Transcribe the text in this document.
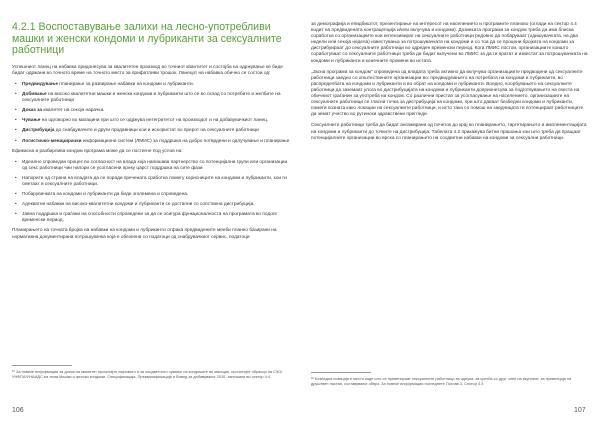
4.2.1 Воспоставување залихи на лесно-употребливи машки и женски кондоми и лубриканти за сексуалните работници

Успешниот ланец на набавка придонесува за квалитетен производ во точниот квантитет и состојба на одржување ке биде бидат одржани во точното време на точното место за прифатливи трошок. Ланецот на набавка обично се состои од:

• Предвидување планирање за развирање набавки на кондоми и лубриканти.
• Добивање на високо квалитетни машки и женски кондоми и лубриканти што се во склад со потребите и желбите на сексуалните работници
• Доказ за квалитет на секоја нарачка.
• Чување на одговорно во магацини при што се одржува интегритетот на производот и на добавувачкиот ланец.
• Дистрибуција до снабдувачите и други продавници кои и искористат во прерот на сексуалните работници
• Логистичко-менаџирачки информациони систем (ЛМИС) за поддршка на добро потврдени и одлучувањe и планирање

Ефикасна и разбирлива кондом програма може да се постигне под услов на:

• Идеално спроведан процес во согласност на влада која напишава партнерство со потенцијални групи или организации од секс работници чии напори се усогласени преку царст поддршка на сите фази
• Напорите од страна на владата да се поради пречената сработка помегу корисниците на кондоми и лубриканти, кои ги сметаат и сексуалните работници.
• Побарувачката на кондоми и лубриканти да биде зголемена и спроведена.
• Адекватни набавки на високо-квалитетни кондоми и лубриканти се достапни со сопствена дистрибуција.
• Јавна поддршка и граѓани на способности спроведени за да се осигура функционалноста на програмата во подолг временски период.

Планирањето на точната бројка на набавки на кондоми и лубриканти отфака предвидените мееби планно базирани на нормативна документирана потрошувачка која е обезпена со податоци од снабдувачкиот сервис, податоци

²⁹ За повеќе информации за доказ на квалитет прочитајте најновото и за соодветното чување на кондомите во магацин, прочитајте обрасци на СЗО/УНФПА/УНАИДС на тема Машки и женски кондоми, Спецификација, Преквалификација и Вовед за добавување 2010, запишана во сектор 4.4
106

за демографија и епидбиштот, презентирање на интересот на населението и програмите планово (оглади на сектор 4.4 водит на предвидената контрацепција и/или вклучува и кондоми). Дозвеката програма за кондом треба да има блиска соработка со организациите кои интензивират на сексуалните работници редовно да побаруваат (одишувачката, на два недели или секоја недела) известувања за потрошувачката на кондоми и со тоа да се процени бројката на кондоми за дистрибуираат до сексуалните работници во одреден временски период. Кога ЛМИС постои, организациите коишто соработуваат со сексуалните работници треба да бидат вклучени во ЛМИС за да ги пратат и известат за потрошувачката на кондоми и лубриканти и конечните промени во истата.

„Јасна програма за кондом" спроведена од владата треба активно да вклучува организациите предводени од сексуалните работници заедно со општествените организации во: предвидувањето на потребата на кондоми и лубриканти, во распределбата на кондоми и лубриканти и во обрат на кондоми и лубриканти. Воедно, коорбувањето на сексуалните работници да заземаат улога во дистрибуцијата на кондоми и лубриканти доприонесува за подготвувањето на свеста на обичниот граѓанин за употреба на кондом. Со различни пристап за усогласување на населението, организациите на сексуалните работници се гласни точка за дистрибуција на кондоми, при што даваат безбедни кондоми и лубриканти, помеѓи позната како локации на сексуалните работници, и исто така со помош на заедницата ги потенцираат работниците да земат учество во рутински здравствени прегледи.

Сексуалните работници треба да бидат ангажирани од почеток до крај во планирањето, таргетирањето и имплементацијата на кондоми и лубриканти до точките на дистрибуција. Табелата 4.2 прикажува битни прашања кои што треба да пращаат потенцијалните организации во врска со планирањето на соодветни набавки на кондоми за сексуални работници.

³⁰ Безбедна позиција е место каде што се превенираат сексуалните работници за одлука, за сретба со друг член на вкупниот, за превенција на друштвен настан, составување обврз. За повеќе информации погледнете Поглав 3, Сектор 3.3
107
